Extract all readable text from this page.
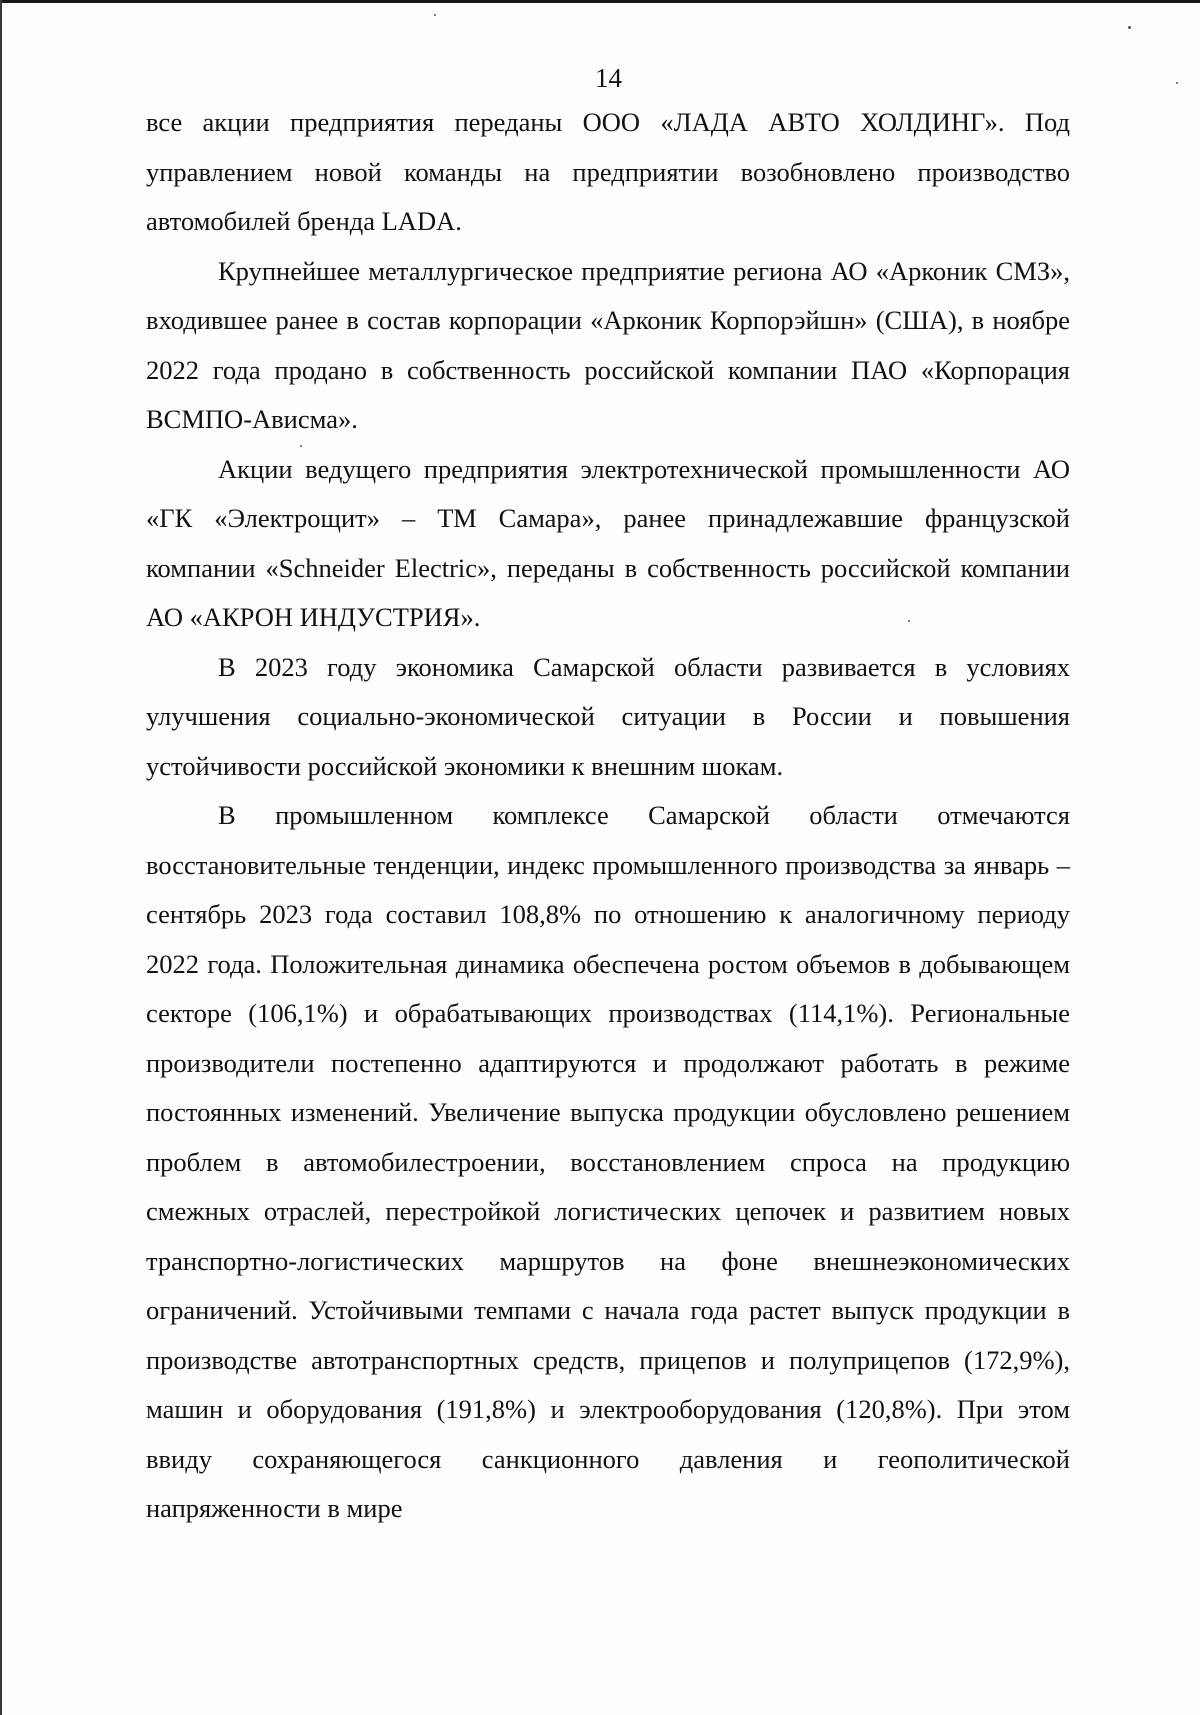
14

все акции предприятия переданы ООО «ЛАДА АВТО ХОЛДИНГ». Под управлением новой команды на предприятии возобновлено производство автомобилей бренда LADA.

Крупнейшее металлургическое предприятие региона АО «Арконик СМЗ», входившее ранее в состав корпорации «Арконик Корпорэйшн» (США), в ноябре 2022 года продано в собственность российской компании ПАО «Корпорация ВСМПО-Ависма».

Акции ведущего предприятия электротехнической промышленности АО «ГК «Электрощит» – ТМ Самара», ранее принадлежавшие французской компании «Schneider Electric», переданы в собственность российской компании АО «АКРОН ИНДУСТРИЯ».

В 2023 году экономика Самарской области развивается в условиях улучшения социально-экономической ситуации в России и повышения устойчивости российской экономики к внешним шокам.

В промышленном комплексе Самарской области отмечаются восстановительные тенденции, индекс промышленного производства за январь – сентябрь 2023 года составил 108,8% по отношению к аналогичному периоду 2022 года. Положительная динамика обеспечена ростом объемов в добывающем секторе (106,1%) и обрабатывающих производствах (114,1%). Региональные производители постепенно адаптируются и продолжают работать в режиме постоянных изменений. Увеличение выпуска продукции обусловлено решением проблем в автомобилестроении, восстановлением спроса на продукцию смежных отраслей, перестройкой логистических цепочек и развитием новых транспортно-логистических маршрутов на фоне внешнеэкономических ограничений. Устойчивыми темпами с начала года растет выпуск продукции в производстве автотранспортных средств, прицепов и полуприцепов (172,9%), машин и оборудования (191,8%) и электрооборудования (120,8%). При этом ввиду сохраняющегося санкционного давления и геополитической напряженности в мире
